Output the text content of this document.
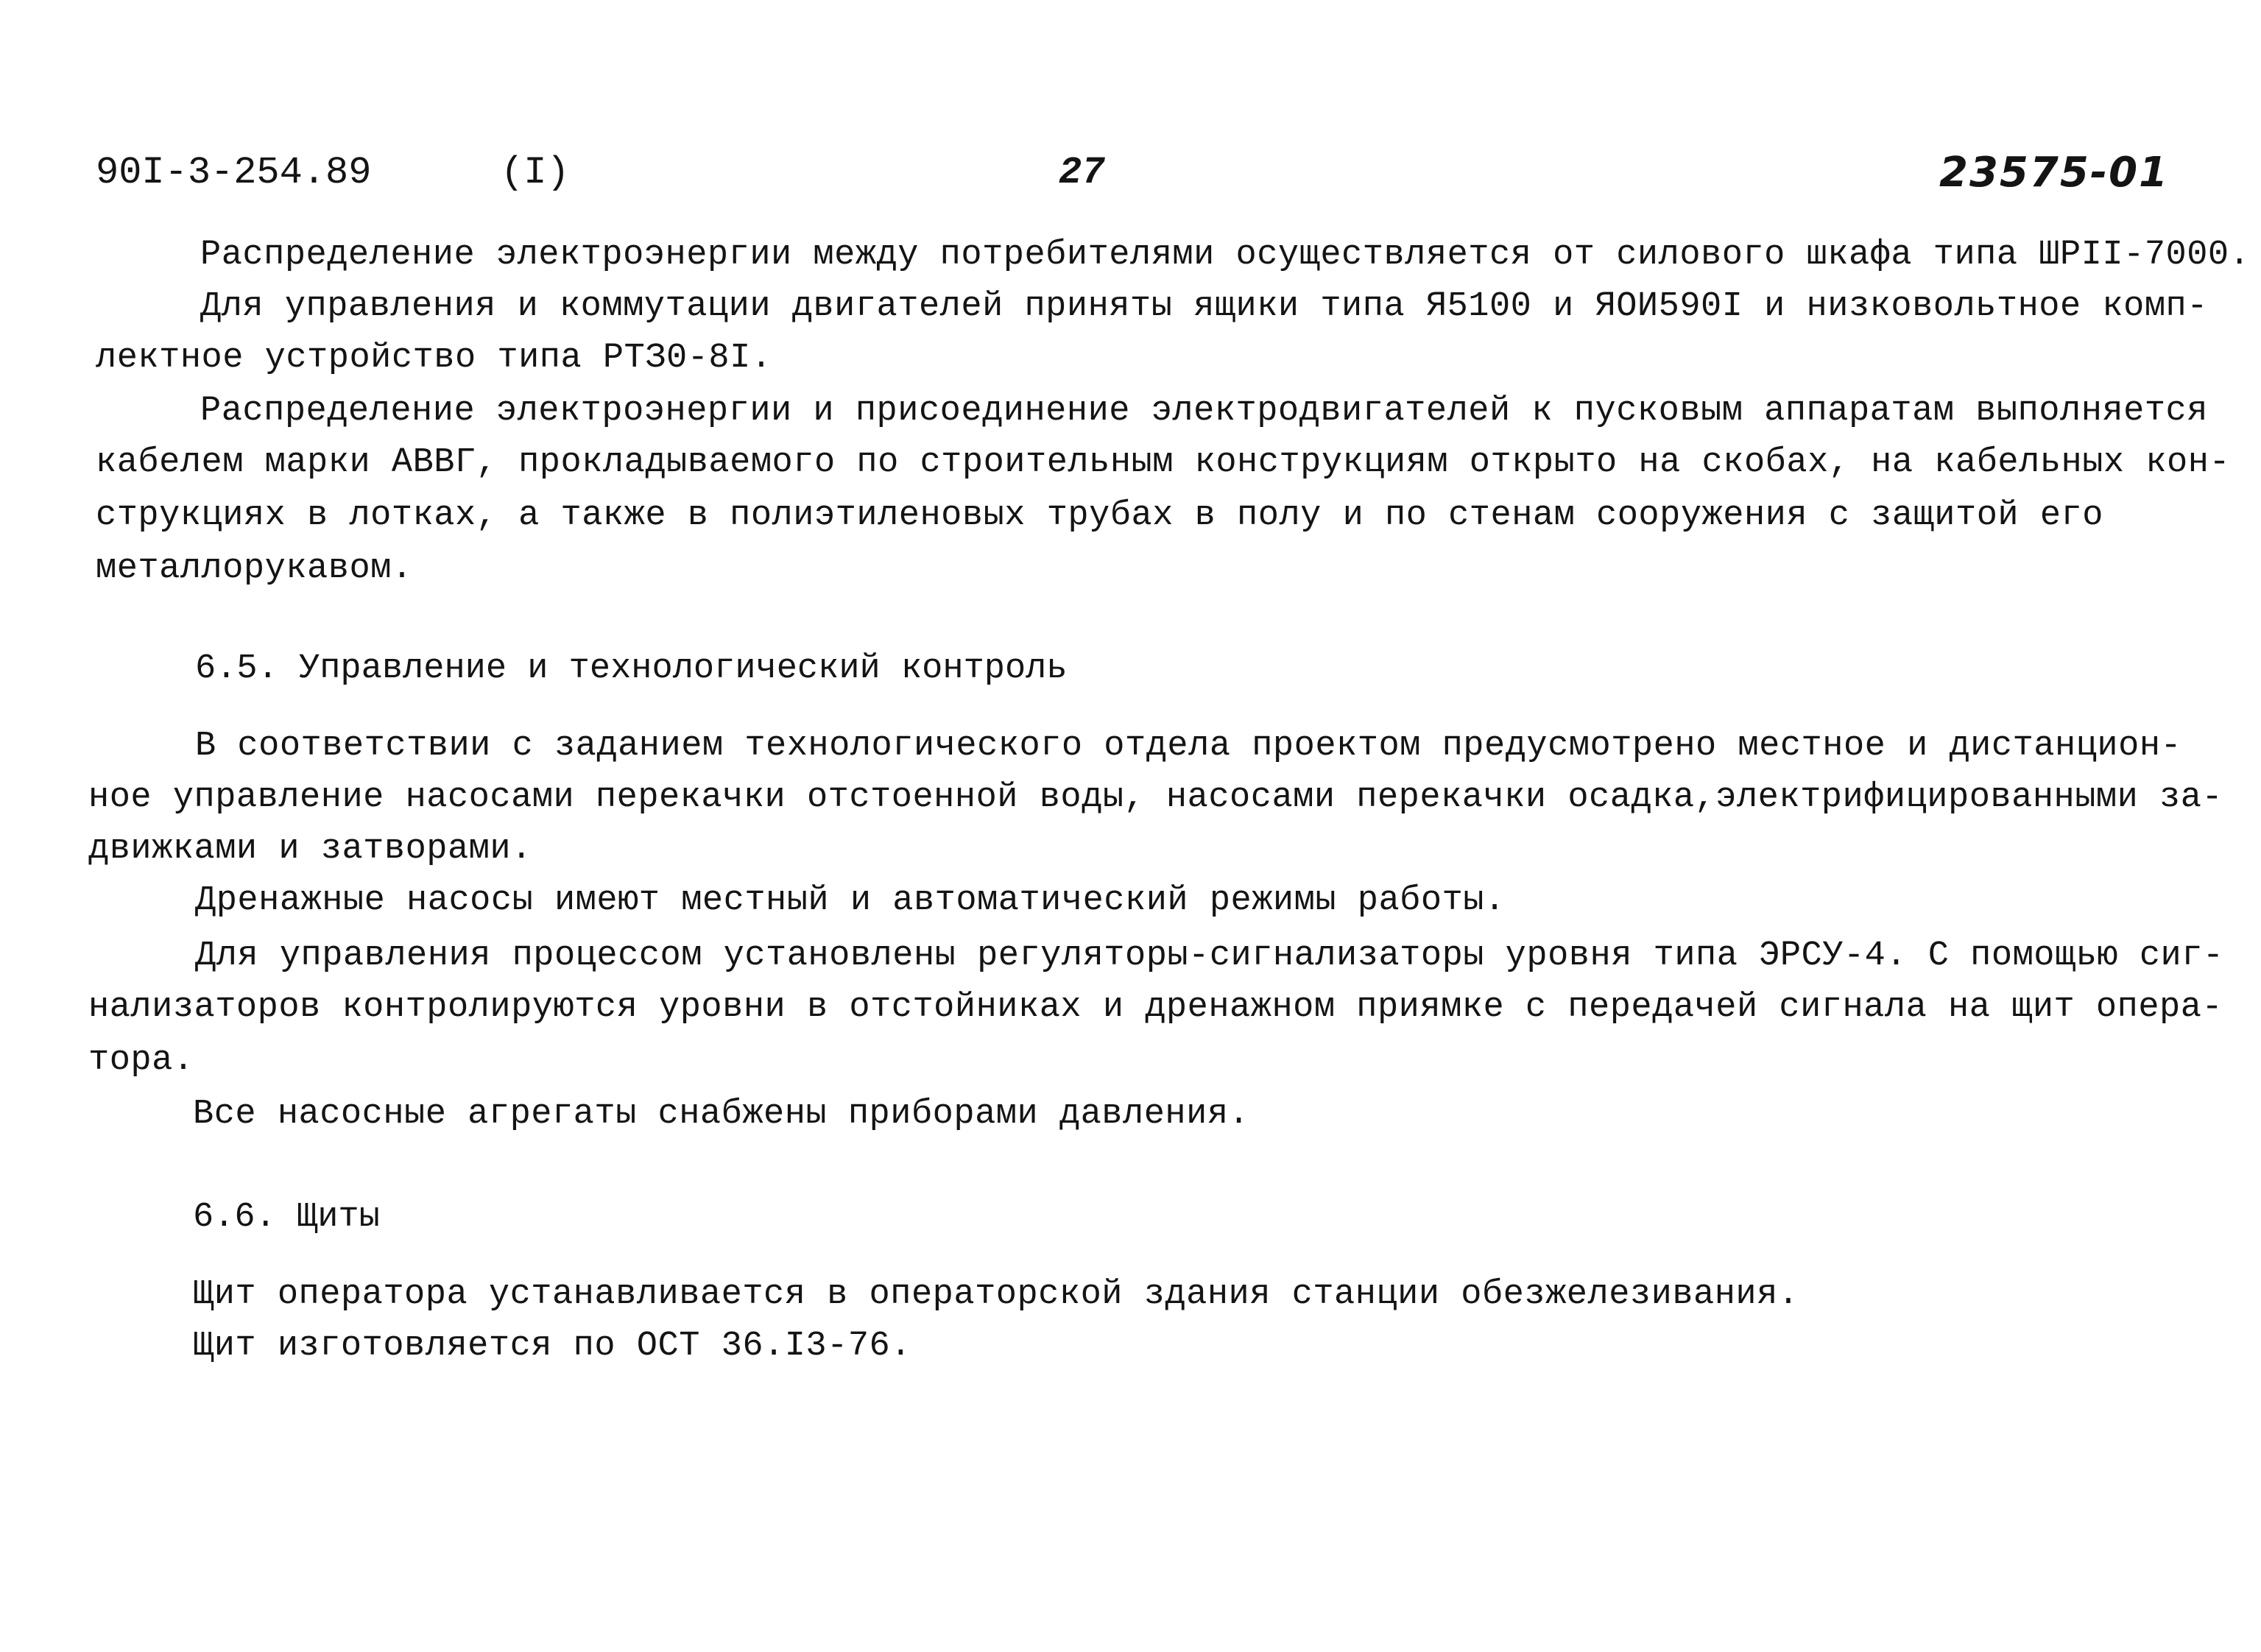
90I-3-254.89	(I)	27	23575-01
Распределение электроэнергии между потребителями осуществляется от силового шкафа типа ШРII-7000.
Для управления и коммутации двигателей приняты ящики типа Я5100 и ЯОИ590I и низковольтное комп-
лектное устройство типа РТЗ0-8I.
Распределение электроэнергии и присоединение электродвигателей к пусковым аппаратам выполняется
кабелем марки АВВГ, прокладываемого по строительным конструкциям открыто на скобах, на кабельных кон-
струкциях в лотках, а также в полиэтиленовых трубах в полу и по стенам сооружения с защитой его
металлорукавом.
6.5. Управление и технологический контроль
В соответствии с заданием технологического отдела проектом предусмотрено местное и дистанцион-
ное управление насосами перекачки отстоенной воды, насосами перекачки осадка,электрифицированными за-
движками и затворами.
Дренажные насосы имеют местный и автоматический режимы работы.
Для управления процессом установлены регуляторы-сигнализаторы уровня типа ЭРСУ-4. С помощью сиг-
нализаторов контролируются уровни в отстойниках и дренажном приямке с передачей сигнала на щит опера-
тора.
Все насосные агрегаты снабжены приборами давления.
6.6. Щиты
Щит оператора устанавливается в операторской здания станции обезжелезивания.
Щит изготовляется по ОСТ 36.I3-76.
